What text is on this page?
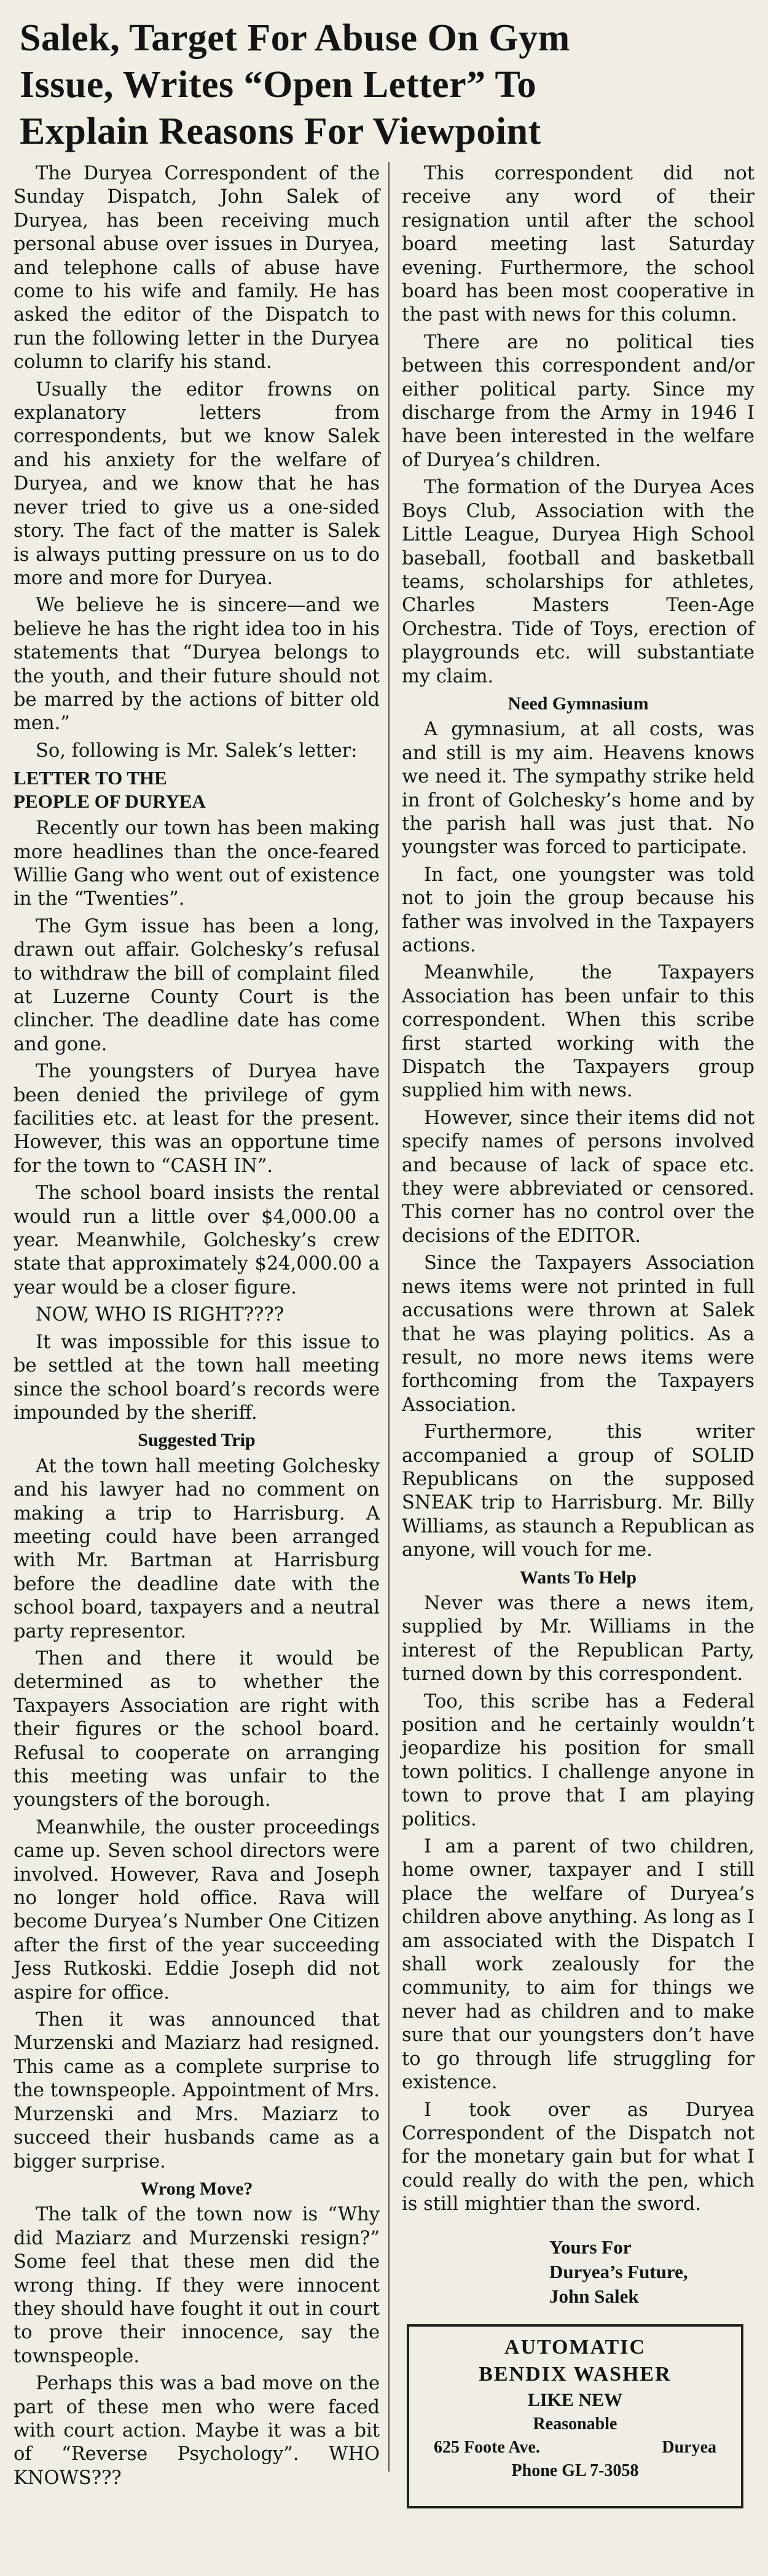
Salek, Target For Abuse On Gym
Issue, Writes “Open Letter” To
Explain Reasons For Viewpoint

The Duryea Correspondent of the Sunday Dispatch, John Salek of Duryea, has been receiving much personal abuse over issues in Duryea, and telephone calls of abuse have come to his wife and family. He has asked the editor of the Dispatch to run the following letter in the Duryea column to clarify his stand.

Usually the editor frowns on explanatory letters from correspondents, but we know Salek and his anxiety for the welfare of Duryea, and we know that he has never tried to give us a one-sided story. The fact of the matter is Salek is always putting pressure on us to do more and more for Duryea.

We believe he is sincere—and we believe he has the right idea too in his statements that “Duryea belongs to the youth, and their future should not be marred by the actions of bitter old men.”

So, following is Mr. Salek’s letter:

LETTER TO THE
PEOPLE OF DURYEA

Recently our town has been making more headlines than the once-feared Willie Gang who went out of existence in the “Twenties”.

The Gym issue has been a long, drawn out affair. Golchesky’s refusal to withdraw the bill of complaint filed at Luzerne County Court is the clincher. The deadline date has come and gone.

The youngsters of Duryea have been denied the privilege of gym facilities etc. at least for the present. However, this was an opportune time for the town to “CASH IN”.

The school board insists the rental would run a little over $4,000.00 a year. Meanwhile, Golchesky’s crew state that approximately $24,000.00 a year would be a closer figure.

NOW, WHO IS RIGHT????

It was impossible for this issue to be settled at the town hall meeting since the school board’s records were impounded by the sheriff.

Suggested Trip

At the town hall meeting Golchesky and his lawyer had no comment on making a trip to Harrisburg. A meeting could have been arranged with Mr. Bartman at Harrisburg before the deadline date with the school board, taxpayers and a neutral party representor.

Then and there it would be determined as to whether the Taxpayers Association are right with their figures or the school board. Refusal to cooperate on arranging this meeting was unfair to the youngsters of the borough.

Meanwhile, the ouster proceedings came up. Seven school directors were involved. However, Rava and Joseph no longer hold office. Rava will become Duryea’s Number One Citizen after the first of the year succeeding Jess Rutkoski. Eddie Joseph did not aspire for office.

Then it was announced that Murzenski and Maziarz had resigned. This came as a complete surprise to the townspeople. Appointment of Mrs. Murzenski and Mrs. Maziarz to succeed their husbands came as a bigger surprise.

Wrong Move?

The talk of the town now is “Why did Maziarz and Murzenski resign?” Some feel that these men did the wrong thing. If they were innocent they should have fought it out in court to prove their innocence, say the townspeople.

Perhaps this was a bad move on the part of these men who were faced with court action. Maybe it was a bit of “Reverse Psychology”. WHO KNOWS???

This correspondent did not receive any word of their resignation until after the school board meeting last Saturday evening. Furthermore, the school board has been most cooperative in the past with news for this column.

There are no political ties between this correspondent and/or either political party. Since my discharge from the Army in 1946 I have been interested in the welfare of Duryea’s children.

The formation of the Duryea Aces Boys Club, Association with the Little League, Duryea High School baseball, football and basketball teams, scholarships for athletes, Charles Masters Teen-Age Orchestra. Tide of Toys, erection of playgrounds etc. will substantiate my claim.

Need Gymnasium

A gymnasium, at all costs, was and still is my aim. Heavens knows we need it. The sympathy strike held in front of Golchesky’s home and by the parish hall was just that. No youngster was forced to participate.

In fact, one youngster was told not to join the group because his father was involved in the Taxpayers actions.

Meanwhile, the Taxpayers Association has been unfair to this correspondent. When this scribe first started working with the Dispatch the Taxpayers group supplied him with news.

However, since their items did not specify names of persons involved and because of lack of space etc. they were abbreviated or censored. This corner has no control over the decisions of the EDITOR.

Since the Taxpayers Association news items were not printed in full accusations were thrown at Salek that he was playing politics. As a result, no more news items were forthcoming from the Taxpayers Association.

Furthermore, this writer accompanied a group of SOLID Republicans on the supposed SNEAK trip to Harrisburg. Mr. Billy Williams, as staunch a Republican as anyone, will vouch for me.

Wants To Help

Never was there a news item, supplied by Mr. Williams in the interest of the Republican Party, turned down by this correspondent.

Too, this scribe has a Federal position and he certainly wouldn’t jeopardize his position for small town politics. I challenge anyone in town to prove that I am playing politics.

I am a parent of two children, home owner, taxpayer and I still place the welfare of Duryea’s children above anything. As long as I am associated with the Dispatch I shall work zealously for the community, to aim for things we never had as children and to make sure that our youngsters don’t have to go through life struggling for existence.

I took over as Duryea Correspondent of the Dispatch not for the monetary gain but for what I could really do with the pen, which is still mightier than the sword.

Yours For
Duryea’s Future,
John Salek
AUTOMATIC
BENDIX WASHER
LIKE NEW
Reasonable
625 Foote Ave.	Duryea
Phone GL 7-3058
